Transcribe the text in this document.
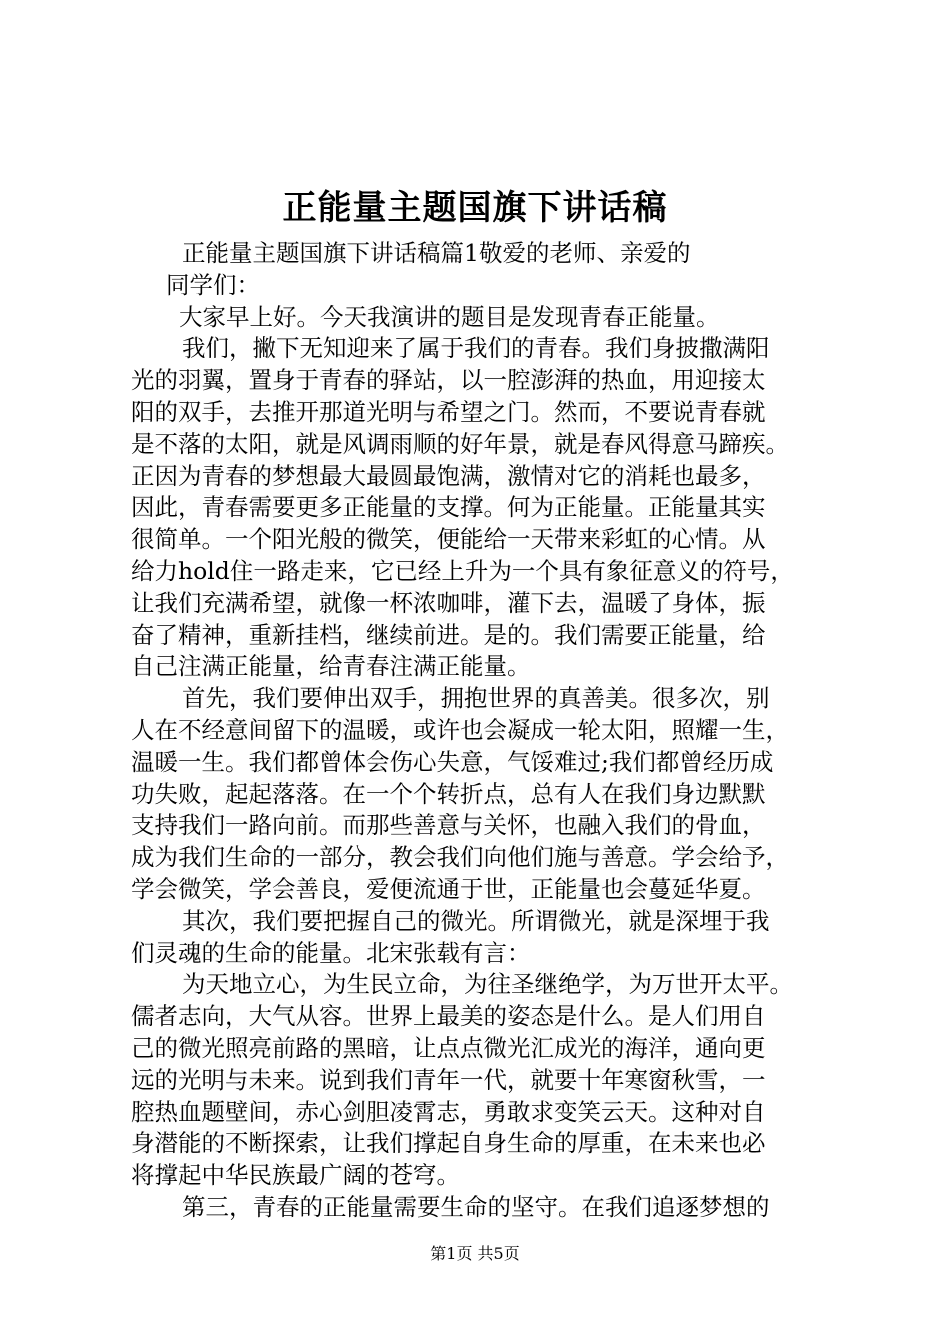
正能量主题国旗下讲话稿
正能量主题国旗下讲话稿篇1敬爱的老师、亲爱的
同学们：
大家早上好。今天我演讲的题目是发现青春正能量。
我们，撇下无知迎来了属于我们的青春。我们身披撒满阳
光的羽翼，置身于青春的驿站，以一腔澎湃的热血，用迎接太
阳的双手，去推开那道光明与希望之门。然而，不要说青春就
是不落的太阳，就是风调雨顺的好年景，就是春风得意马蹄疾。
正因为青春的梦想最大最圆最饱满，激情对它的消耗也最多，
因此，青春需要更多正能量的支撑。何为正能量。正能量其实
很简单。一个阳光般的微笑，便能给一天带来彩虹的心情。从
给力hold住一路走来，它已经上升为一个具有象征意义的符号，
让我们充满希望，就像一杯浓咖啡，灌下去，温暖了身体，振
奋了精神，重新挂档，继续前进。是的。我们需要正能量，给
自己注满正能量，给青春注满正能量。
首先，我们要伸出双手，拥抱世界的真善美。很多次，别
人在不经意间留下的温暖，或许也会凝成一轮太阳，照耀一生，
温暖一生。我们都曾体会伤心失意，气馁难过;我们都曾经历成
功失败，起起落落。在一个个转折点，总有人在我们身边默默
支持我们一路向前。而那些善意与关怀，也融入我们的骨血，
成为我们生命的一部分，教会我们向他们施与善意。学会给予，
学会微笑，学会善良，爱便流通于世，正能量也会蔓延华夏。
其次，我们要把握自己的微光。所谓微光，就是深埋于我
们灵魂的生命的能量。北宋张载有言：
为天地立心，为生民立命，为往圣继绝学，为万世开太平。
儒者志向，大气从容。世界上最美的姿态是什么。是人们用自
己的微光照亮前路的黑暗，让点点微光汇成光的海洋，通向更
远的光明与未来。说到我们青年一代，就要十年寒窗秋雪，一
腔热血题壁间，赤心剑胆凌霄志，勇敢求变笑云天。这种对自
身潜能的不断探索，让我们撑起自身生命的厚重，在未来也必
将撑起中华民族最广阔的苍穹。
第三，青春的正能量需要生命的坚守。在我们追逐梦想的
第1页 共5页
